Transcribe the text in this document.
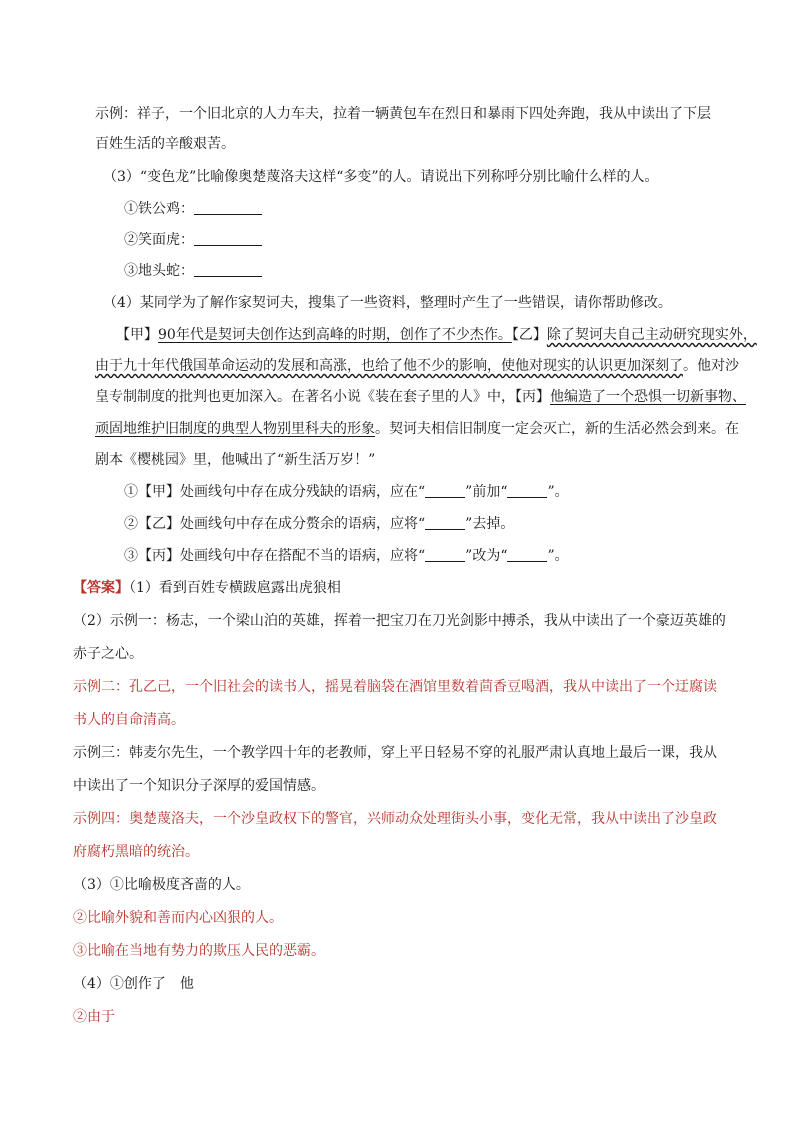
示例：祥子，一个旧北京的人力车夫，拉着一辆黄包车在烈日和暴雨下四处奔跑，我从中读出了下层
百姓生活的辛酸艰苦。
（3）“变色龙”比喻像奥楚蔑洛夫这样“多变”的人。请说出下列称呼分别比喻什么样的人。
①铁公鸡：
②笑面虎：
③地头蛇：
（4）某同学为了解作家契诃夫，搜集了一些资料，整理时产生了一些错误，请你帮助修改。
【甲】90年代是契诃夫创作达到高峰的时期，创作了不少杰作。【乙】除了契诃夫自己主动研究现实外，
由于九十年代俄国革命运动的发展和高涨，也给了他不少的影响，使他对现实的认识更加深刻了。他对沙
皇专制制度的批判也更加深入。在著名小说《装在套子里的人》中，【丙】他编造了一个恐惧一切新事物、
顽固地维护旧制度的典型人物别里科夫的形象。契诃夫相信旧制度一定会灭亡，新的生活必然会到来。在
剧本《樱桃园》里，他喊出了“新生活万岁！”
①【甲】处画线句中存在成分残缺的语病，应在“	”前加“	”。
②【乙】处画线句中存在成分赘余的语病，应将“	”去掉。
③【丙】处画线句中存在搭配不当的语病，应将“	”改为“	”。
【答案】（1）看到百姓专横跋扈露出虎狼相
（2）示例一：杨志，一个梁山泊的英雄，挥着一把宝刀在刀光剑影中搏杀，我从中读出了一个豪迈英雄的
赤子之心。
示例二：孔乙己，一个旧社会的读书人，摇晃着脑袋在酒馆里数着茴香豆喝酒，我从中读出了一个迂腐读
书人的自命清高。
示例三：韩麦尔先生，一个教学四十年的老教师，穿上平日轻易不穿的礼服严肃认真地上最后一课，我从
中读出了一个知识分子深厚的爱国情感。
示例四：奥楚蔑洛夫，一个沙皇政权下的警官，兴师动众处理街头小事，变化无常，我从中读出了沙皇政
府腐朽黑暗的统治。
（3）①比喻极度吝啬的人。
②比喻外貌和善而内心凶狠的人。
③比喻在当地有势力的欺压人民的恶霸。
（4）①创作了　他
②由于
